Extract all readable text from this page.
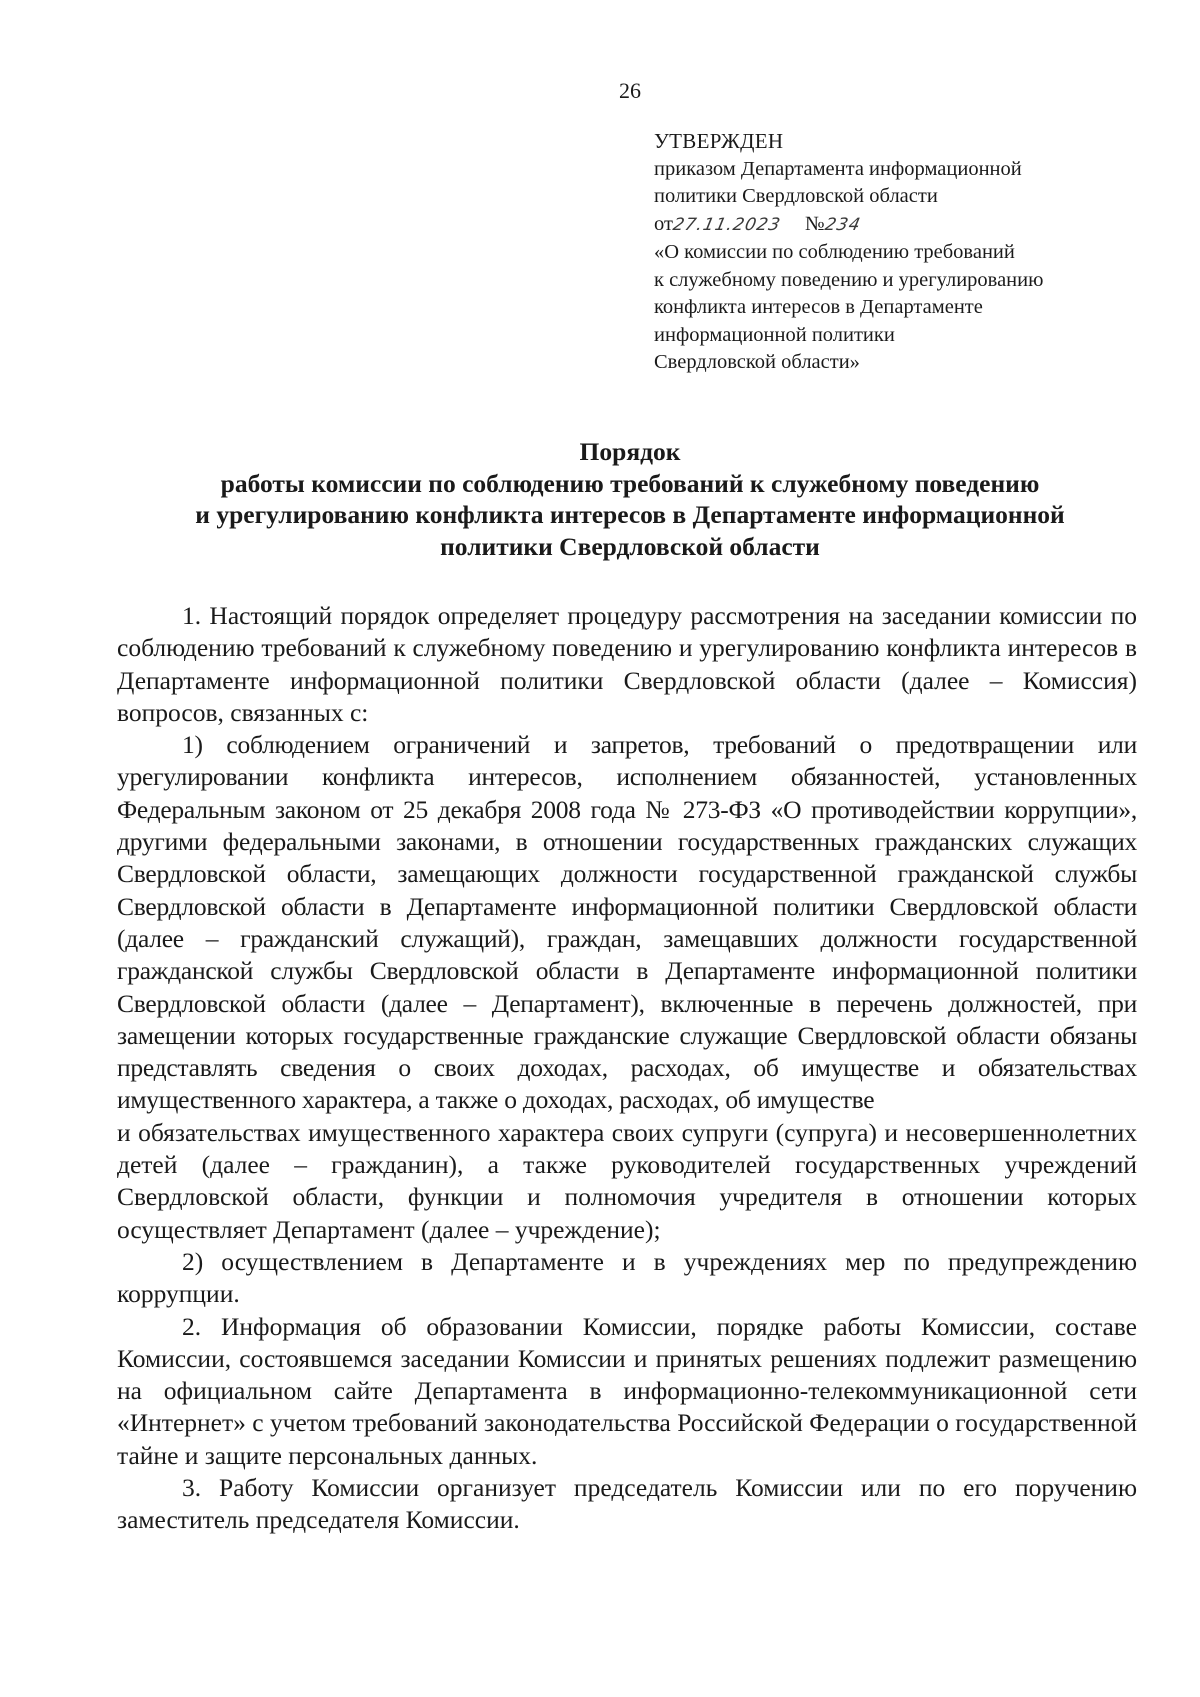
26
УТВЕРЖДЕН
приказом Департамента информационной
политики Свердловской области
от27.11.2023 №234
«О комиссии по соблюдению требований
к служебному поведению и урегулированию
конфликта интересов в Департаменте
информационной политики
Свердловской области»
Порядок
работы комиссии по соблюдению требований к служебному поведению
и урегулированию конфликта интересов в Департаменте информационной
политики Свердловской области

1. Настоящий порядок определяет процедуру рассмотрения на заседании комиссии по соблюдению требований к служебному поведению и урегулированию конфликта интересов в Департаменте информационной политики Свердловской области (далее – Комиссия) вопросов, связанных с:

1) соблюдением ограничений и запретов, требований о предотвращении или урегулировании конфликта интересов, исполнением обязанностей, установленных Федеральным законом от 25 декабря 2008 года № 273-ФЗ «О противодействии коррупции», другими федеральными законами, в отношении государственных гражданских служащих Свердловской области, замещающих должности государственной гражданской службы Свердловской области в Департаменте информационной политики Свердловской области (далее – гражданский служащий), граждан, замещавших должности государственной гражданской службы Свердловской области в Департаменте информационной политики Свердловской области (далее – Департамент), включенные в перечень должностей, при замещении которых государственные гражданские служащие Свердловской области обязаны представлять сведения о своих доходах, расходах, об имуществе и обязательствах имущественного характера, а также о доходах, расходах, об имуществе

и обязательствах имущественного характера своих супруги (супруга) и несовершеннолетних детей (далее – гражданин), а также руководителей государственных учреждений Свердловской области, функции и полномочия учредителя в отношении которых осуществляет Департамент (далее – учреждение);

2) осуществлением в Департаменте и в учреждениях мер по предупреждению коррупции.

2. Информация об образовании Комиссии, порядке работы Комиссии, составе Комиссии, состоявшемся заседании Комиссии и принятых решениях подлежит размещению на официальном сайте Департамента в информационно-телекоммуникационной сети «Интернет» с учетом требований законодательства Российской Федерации о государственной тайне и защите персональных данных.

3. Работу Комиссии организует председатель Комиссии или по его поручению заместитель председателя Комиссии.
